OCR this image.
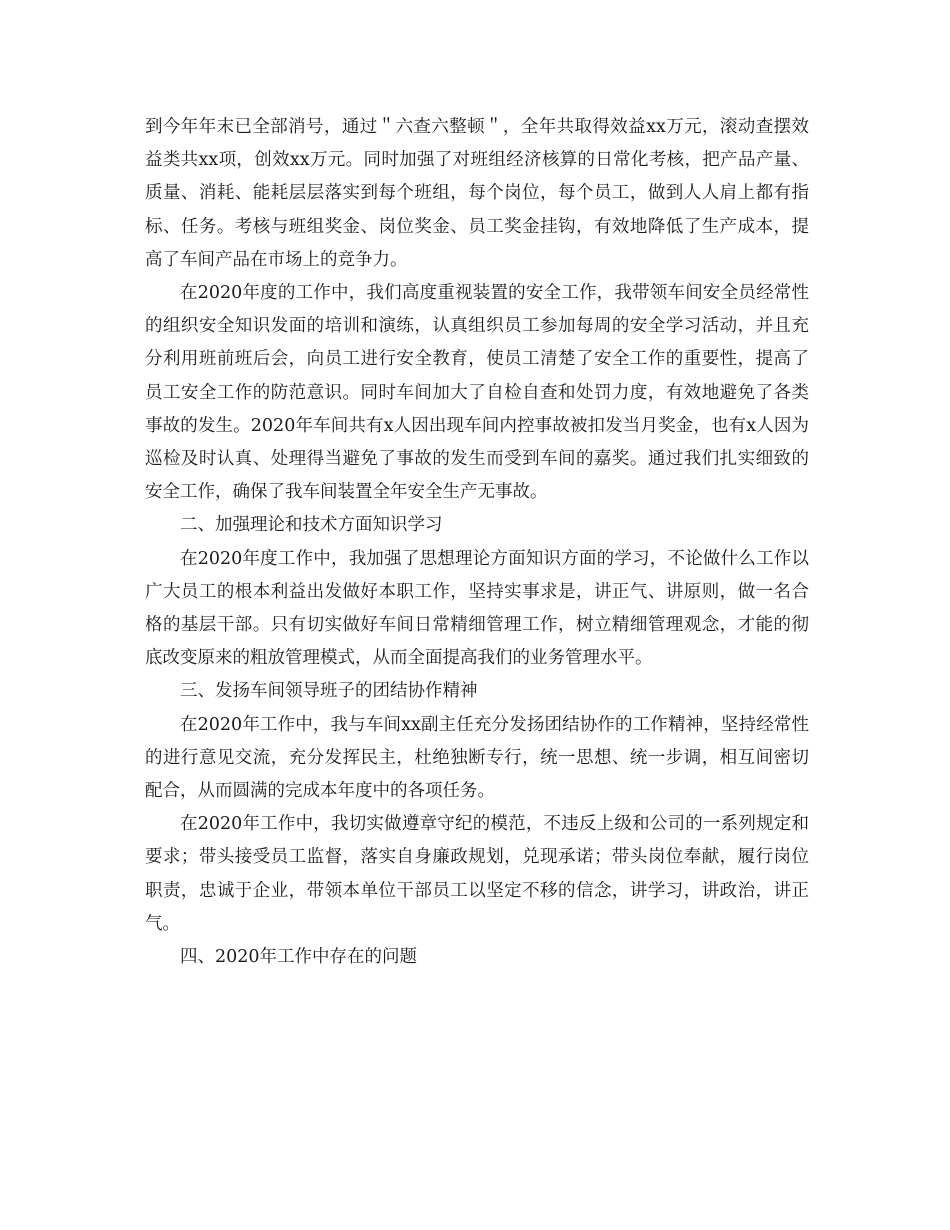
到今年年末已全部消号，通过＂六查六整顿＂，全年共取得效益xx万元，滚动查摆效益类共xx项，创效xx万元。同时加强了对班组经济核算的日常化考核，把产品产量、质量、消耗、能耗层层落实到每个班组，每个岗位，每个员工，做到人人肩上都有指标、任务。考核与班组奖金、岗位奖金、员工奖金挂钩，有效地降低了生产成本，提高了车间产品在市场上的竞争力。

在2020年度的工作中，我们高度重视装置的安全工作，我带领车间安全员经常性的组织安全知识发面的培训和演练，认真组织员工参加每周的安全学习活动，并且充分利用班前班后会，向员工进行安全教育，使员工清楚了安全工作的重要性，提高了员工安全工作的防范意识。同时车间加大了自检自查和处罚力度，有效地避免了各类事故的发生。2020年车间共有x人因出现车间内控事故被扣发当月奖金，也有x人因为巡检及时认真、处理得当避免了事故的发生而受到车间的嘉奖。通过我们扎实细致的安全工作，确保了我车间装置全年安全生产无事故。

二、加强理论和技术方面知识学习

在2020年度工作中，我加强了思想理论方面知识方面的学习，不论做什么工作以广大员工的根本利益出发做好本职工作，坚持实事求是，讲正气、讲原则，做一名合格的基层干部。只有切实做好车间日常精细管理工作，树立精细管理观念，才能的彻底改变原来的粗放管理模式，从而全面提高我们的业务管理水平。

三、发扬车间领导班子的团结协作精神

在2020年工作中，我与车间xx副主任充分发扬团结协作的工作精神，坚持经常性的进行意见交流，充分发挥民主，杜绝独断专行，统一思想、统一步调，相互间密切配合，从而圆满的完成本年度中的各项任务。

在2020年工作中，我切实做遵章守纪的模范，不违反上级和公司的一系列规定和要求；带头接受员工监督，落实自身廉政规划，兑现承诺；带头岗位奉献，履行岗位职责，忠诚于企业，带领本单位干部员工以坚定不移的信念，讲学习，讲政治，讲正气。

四、2020年工作中存在的问题
